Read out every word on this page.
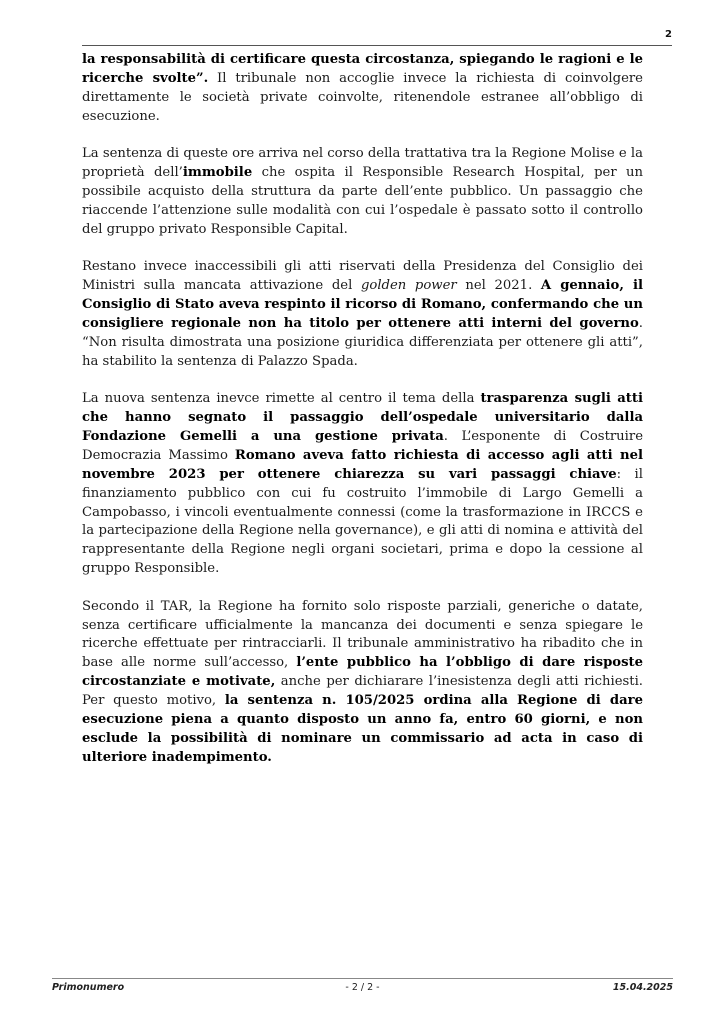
2

la responsabilità di certificare questa circostanza, spiegando le ragioni e le ricerche svolte”. Il tribunale non accoglie invece la richiesta di coinvolgere direttamente le società private coinvolte, ritenendole estranee all’obbligo di esecuzione.

La sentenza di queste ore arriva nel corso della trattativa tra la Regione Molise e la proprietà dell’immobile che ospita il Responsible Research Hospital, per un possibile acquisto della struttura da parte dell’ente pubblico. Un passaggio che riaccende l’attenzione sulle modalità con cui l’ospedale è passato sotto il controllo del gruppo privato Responsible Capital.

Restano invece inaccessibili gli atti riservati della Presidenza del Consiglio dei Ministri sulla mancata attivazione del golden power nel 2021. A gennaio, il Consiglio di Stato aveva respinto il ricorso di Romano, confermando che un consigliere regionale non ha titolo per ottenere atti interni del governo. “Non risulta dimostrata una posizione giuridica differenziata per ottenere gli atti”, ha stabilito la sentenza di Palazzo Spada.

La nuova sentenza inevce rimette al centro il tema della trasparenza sugli atti che hanno segnato il passaggio dell’ospedale universitario dalla Fondazione Gemelli a una gestione privata. L’esponente di Costruire Democrazia Massimo Romano aveva fatto richiesta di accesso agli atti nel novembre 2023 per ottenere chiarezza su vari passaggi chiave: il finanziamento pubblico con cui fu costruito l’immobile di Largo Gemelli a Campobasso, i vincoli eventualmente connessi (come la trasformazione in IRCCS e la partecipazione della Regione nella governance), e gli atti di nomina e attività del rappresentante della Regione negli organi societari, prima e dopo la cessione al gruppo Responsible.

Secondo il TAR, la Regione ha fornito solo risposte parziali, generiche o datate, senza certificare ufficialmente la mancanza dei documenti e senza spiegare le ricerche effettuate per rintracciarli. Il tribunale amministrativo ha ribadito che in base alle norme sull’accesso, l’ente pubblico ha l’obbligo di dare risposte circostanziate e motivate, anche per dichiarare l’inesistenza degli atti richiesti. Per questo motivo, la sentenza n. 105/2025 ordina alla Regione di dare esecuzione piena a quanto disposto un anno fa, entro 60 giorni, e non esclude la possibilità di nominare un commissario ad acta in caso di ulteriore inadempimento.

Primonumero	- 2 / 2 -	15.04.2025
